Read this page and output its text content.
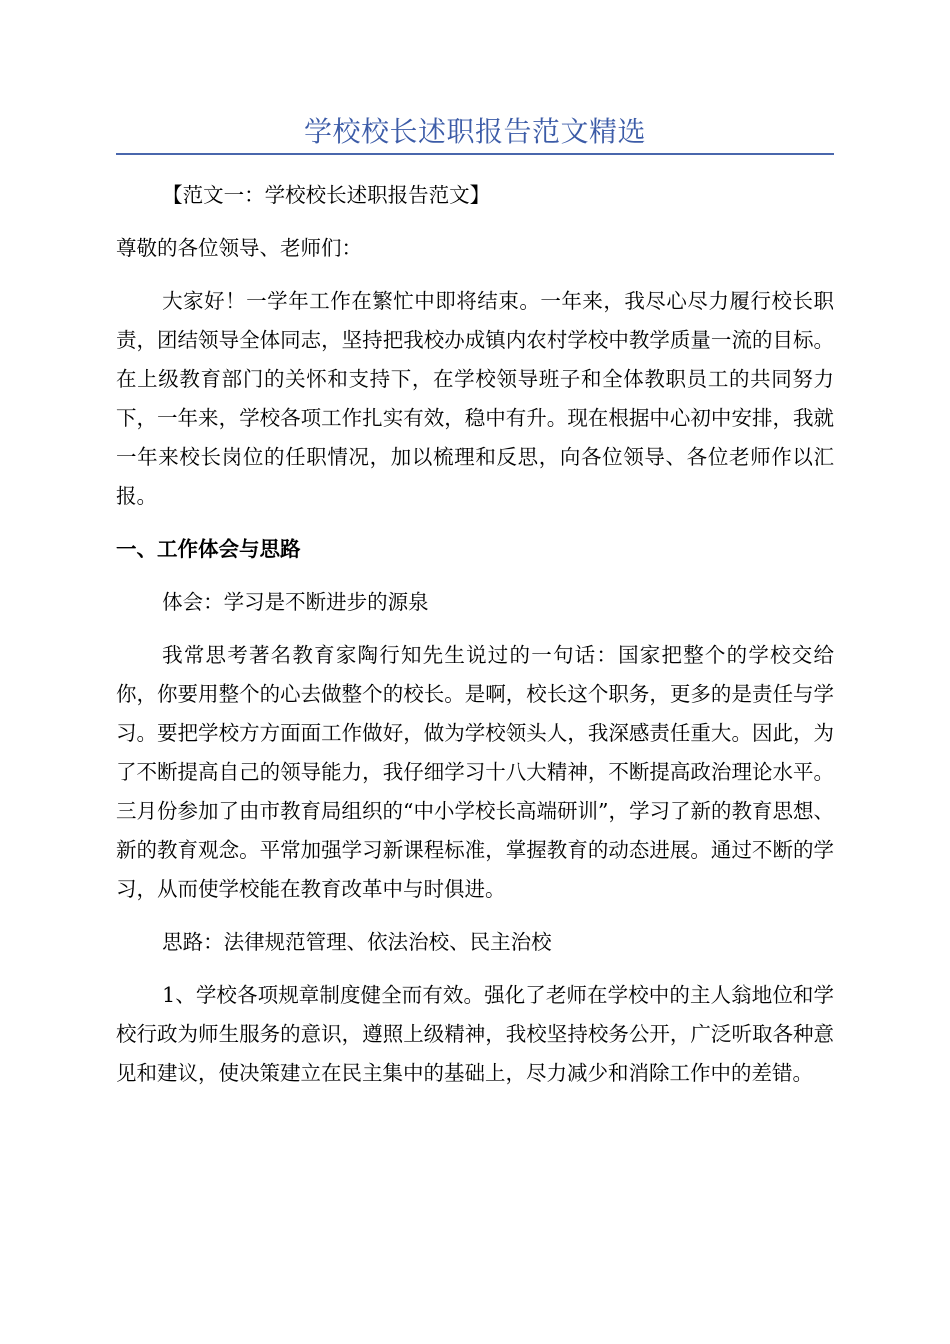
学校校长述职报告范文精选

【范文一：学校校长述职报告范文】

尊敬的各位领导、老师们：

大家好！一学年工作在繁忙中即将结束。一年来，我尽心尽力履行校长职责，团结领导全体同志，坚持把我校办成镇内农村学校中教学质量一流的目标。在上级教育部门的关怀和支持下，在学校领导班子和全体教职员工的共同努力下，一年来，学校各项工作扎实有效，稳中有升。现在根据中心初中安排，我就一年来校长岗位的任职情况，加以梳理和反思，向各位领导、各位老师作以汇报。

一、工作体会与思路

体会：学习是不断进步的源泉

我常思考著名教育家陶行知先生说过的一句话：国家把整个的学校交给你，你要用整个的心去做整个的校长。是啊，校长这个职务，更多的是责任与学习。要把学校方方面面工作做好，做为学校领头人，我深感责任重大。因此，为了不断提高自己的领导能力，我仔细学习十八大精神，不断提高政治理论水平。三月份参加了由市教育局组织的“中小学校长高端研训”，学习了新的教育思想、新的教育观念。平常加强学习新课程标准，掌握教育的动态进展。通过不断的学习，从而使学校能在教育改革中与时俱进。

思路：法律规范管理、依法治校、民主治校

1、学校各项规章制度健全而有效。强化了老师在学校中的主人翁地位和学校行政为师生服务的意识，遵照上级精神，我校坚持校务公开，广泛听取各种意见和建议，使决策建立在民主集中的基础上，尽力减少和消除工作中的差错。
